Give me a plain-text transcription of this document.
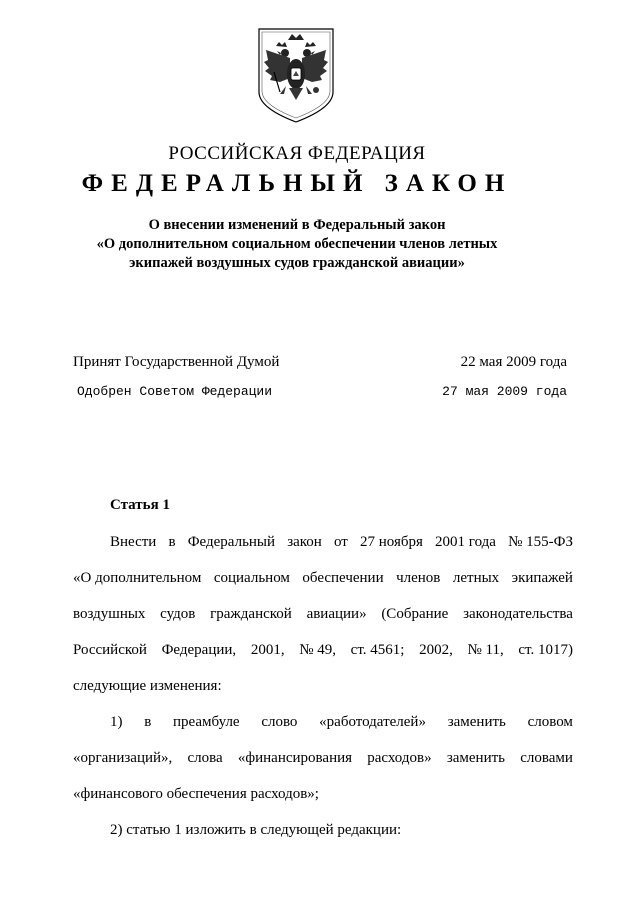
РОССИЙСКАЯ ФЕДЕРАЦИЯ
ФЕДЕРАЛЬНЫЙ ЗАКОН
О внесении изменений в Федеральный закон
«О дополнительном социальном обеспечении членов летных
экипажей воздушных судов гражданской авиации»
Принят Государственной Думой	22 мая 2009 года
Одобрен Советом Федерации	27 мая 2009 года
Статья 1
Внести в Федеральный закон от 27 ноября 2001 года № 155-ФЗ
«О дополнительном социальном обеспечении членов летных экипажей
воздушных судов гражданской авиации» (Собрание законодательства
Российской Федерации, 2001, № 49, ст. 4561; 2002, № 11, ст. 1017)
следующие изменения:
1) в преамбуле слово «работодателей» заменить словом
«организаций», слова «финансирования расходов» заменить словами
«финансового обеспечения расходов»;
2) статью 1 изложить в следующей редакции:
